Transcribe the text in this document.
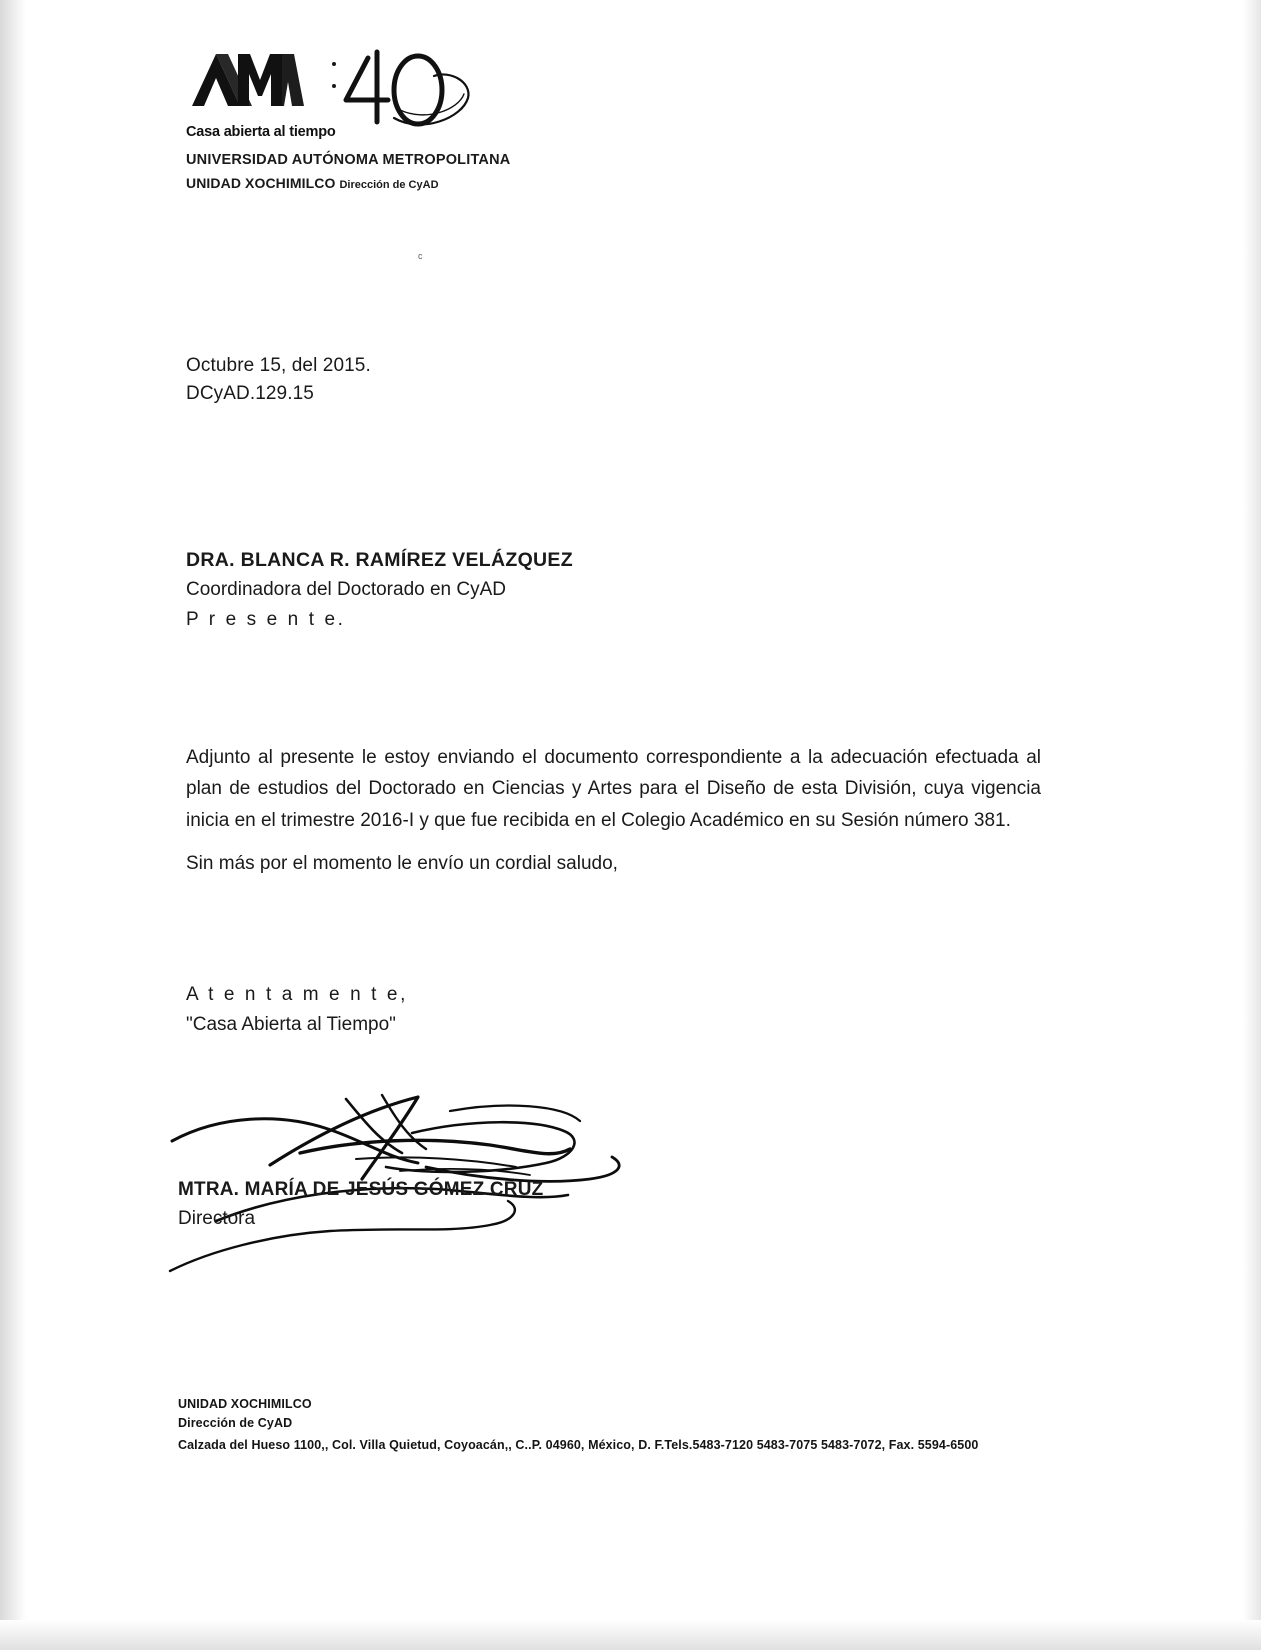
Casa abierta al tiempo
UNIVERSIDAD AUTÓNOMA METROPOLITANA
UNIDAD XOCHIMILCO Dirección de CyAD
ᶜ
Octubre 15, del 2015.
DCyAD.129.15
DRA. BLANCA R. RAMÍREZ VELÁZQUEZ
Coordinadora del Doctorado en CyAD
P r e s e n t e.
Adjunto al presente le estoy enviando el documento correspondiente a la adecuación efectuada al plan de estudios del Doctorado en Ciencias y Artes para el Diseño de esta División, cuya vigencia inicia en el trimestre 2016-I y que fue recibida en el Colegio Académico en su Sesión número 381.
Sin más por el momento le envío un cordial saludo,
A t e n t a m e n t e,
"Casa Abierta al Tiempo"
MTRA. MARÍA DE JESÚS GÓMEZ CRUZ
Directora
UNIDAD XOCHIMILCO
Dirección de CyAD
Calzada del Hueso 1100,, Col. Villa Quietud, Coyoacán,, C..P. 04960, México, D. F.Tels.5483-7120 5483-7075 5483-7072, Fax. 5594-6500
